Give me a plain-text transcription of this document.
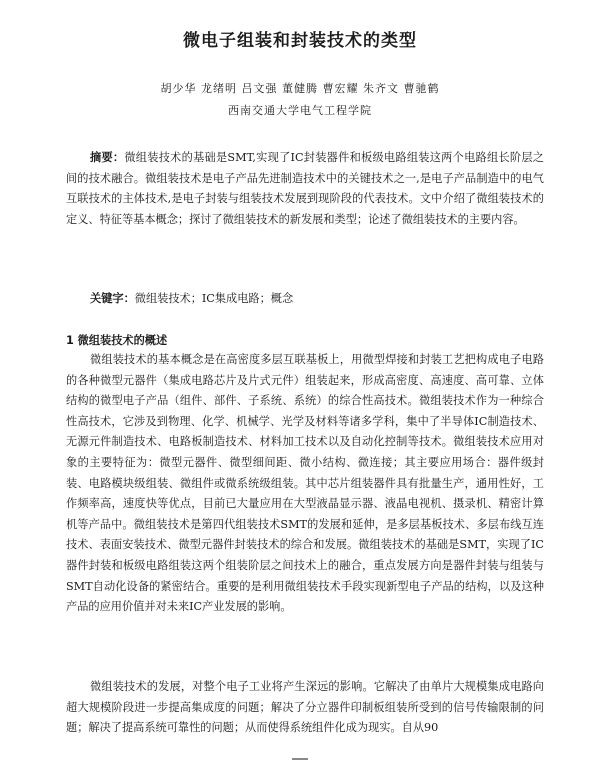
微电子组装和封装技术的类型
胡少华 龙绪明 吕文强 董健腾 曹宏耀 朱齐文 曹驰鹤
西南交通大学电气工程学院
摘要：微组装技术的基础是SMT,实现了IC封装器件和板级电路组装这两个电路组长阶层之间的技术融合。微组装技术是电子产品先进制造技术中的关键技术之一,是电子产品制造中的电气互联技术的主体技术,是电子封装与组装技术发展到现阶段的代表技术。文中介绍了微组装技术的定义、特征等基本概念；探讨了微组装技术的新发展和类型；论述了微组装技术的主要内容。
关键字：微组装技术；IC集成电路；概念
1 微组装技术的概述
微组装技术的基本概念是在高密度多层互联基板上，用微型焊接和封装工艺把构成电子电路的各种微型元器件（集成电路芯片及片式元件）组装起来，形成高密度、高速度、高可靠、立体结构的微型电子产品（组件、部件、子系统、系统）的综合性高技术。微组装技术作为一种综合性高技术，它涉及到物理、化学、机械学、光学及材料等诸多学科，集中了半导体IC制造技术、无源元件制造技术、电路板制造技术、材料加工技术以及自动化控制等技术。微组装技术应用对象的主要特征为：微型元器件、微型细间距、微小结构、微连接；其主要应用场合：器件级封装、电路模块级组装、微组件或微系统级组装。其中芯片组装器件具有批量生产，通用性好，工作频率高，速度快等优点，目前已大量应用在大型液晶显示器、液晶电视机、摄录机、精密计算机等产品中。微组装技术是第四代组装技术SMT的发展和延伸，是多层基板技术、多层布线互连技术、表面安装技术、微型元器件封装技术的综合和发展。微组装技术的基础是SMT，实现了IC器件封装和板级电路组装这两个组装阶层之间技术上的融合，重点发展方向是器件封装与组装与SMT自动化设备的紧密结合。重要的是利用微组装技术手段实现新型电子产品的结构，以及这种产品的应用价值并对未来IC产业发展的影响。
微组装技术的发展，对整个电子工业将产生深远的影响。它解决了由单片大规模集成电路向超大规模阶段进一步提高集成度的问题；解决了分立器件印制板组装所受到的信号传输限制的问题；解决了提高系统可靠性的问题；从而使得系统组件化成为现实。自从90
